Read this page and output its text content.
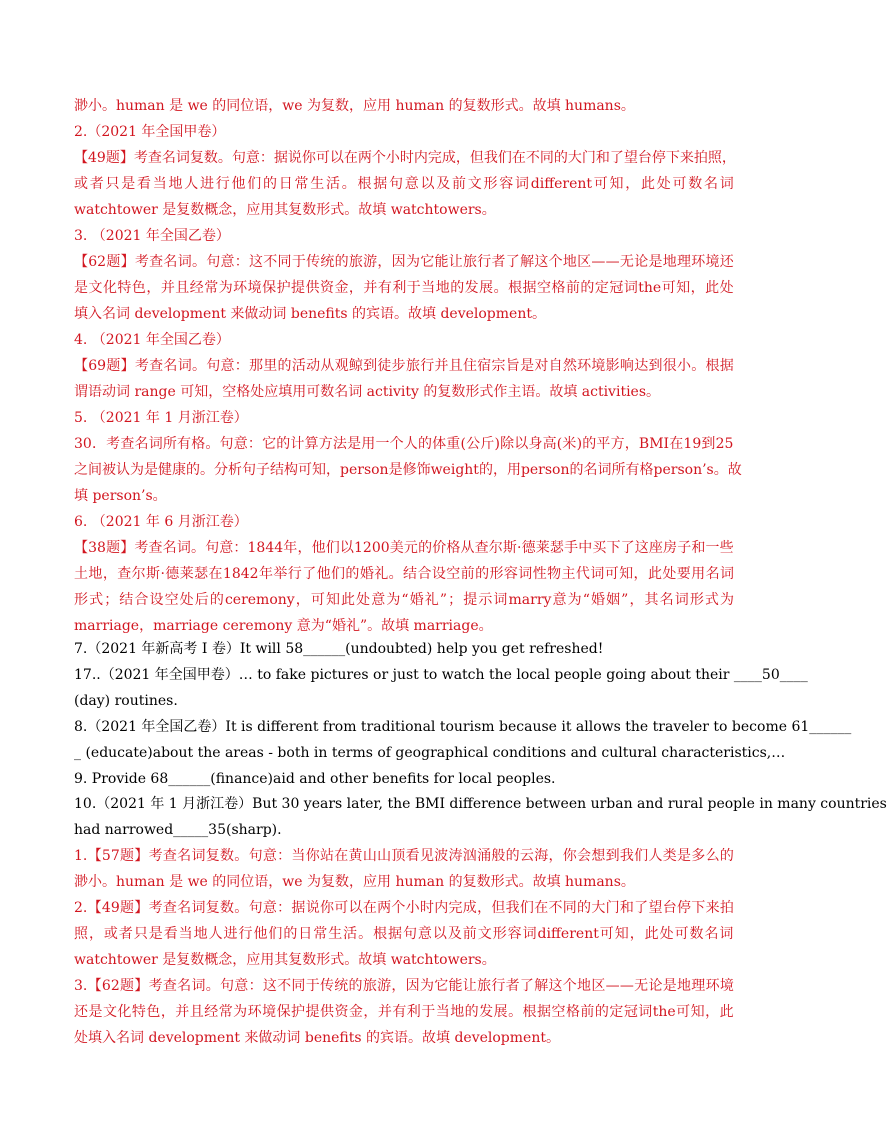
渺小。human 是 we 的同位语，we 为复数，应用 human 的复数形式。故填 humans。
2.（2021 年全国甲卷）
【 49 题 】 考 查 名 词 复 数 。 句 意 ： 据 说 你 可 以 在 两 个 小 时 内 完 成 ， 但 我 们 在 不 同 的 大 门 和 了 望 台 停 下 来 拍 照 ，
或 者 只 是 看 当 地 人 进 行 他 们 的 日 常 生 活 。 根 据 句 意 以 及 前 文 形 容 词 different 可 知 ， 此 处 可 数 名 词
watchtower 是复数概念，应用其复数形式。故填 watchtowers。
3. （2021 年全国乙卷）
【 62 题 】 考 查 名 词 。 句 意 ： 这 不 同 于 传 统 的 旅 游 ， 因 为 它 能 让 旅 行 者 了 解 这 个 地 区 — — 无 论 是 地 理 环 境 还
是 文 化 特 色 ， 并 且 经 常 为 环 境 保 护 提 供 资 金 ， 并 有 利 于 当 地 的 发 展 。 根 据 空 格 前 的 定 冠 词 the 可 知 ， 此 处
填入名词 development 来做动词 benefits 的宾语。故填 development。
4. （2021 年全国乙卷）
【 69 题 】 考 查 名 词 。 句 意 ： 那 里 的 活 动 从 观 鲸 到 徒 步 旅 行 并 且 住 宿 宗 旨 是 对 自 然 环 境 影 响 达 到 很 小 。 根 据
谓语动词 range 可知，空格处应填用可数名词 activity 的复数形式作主语。故填 activities。
5. （2021 年 1 月浙江卷）
30 ． 考 查 名 词 所 有 格 。 句 意 ： 它 的 计 算 方 法 是 用 一 个 人 的 体 重 ( 公 斤 ) 除 以 身 高 ( 米 ) 的 平 方 ， BMI 在 19 到 25
之 间 被 认 为 是 健 康 的 。 分 析 句 子 结 构 可 知 ， person 是 修 饰 weight 的 ， 用 person 的 名 词 所 有 格 person’s 。 故
填 person’s。
6. （2021 年 6 月浙江卷）
【 38 题 】 考 查 名 词 。 句 意 ： 1844 年 ， 他 们 以 1200 美 元 的 价 格 从 查 尔 斯 · 德 莱 瑟 手 中 买 下 了 这 座 房 子 和 一 些
土 地 ， 查 尔 斯 · 德 莱 瑟 在 1842 年 举 行 了 他 们 的 婚 礼 。 结 合 设 空 前 的 形 容 词 性 物 主 代 词 可 知 ， 此 处 要 用 名 词
形 式 ； 结 合 设 空 处 后 的 ceremony ， 可 知 此 处 意 为 “ 婚 礼 ” ； 提 示 词 marry 意 为 “ 婚 姻 ” ， 其 名 词 形 式 为
marriage，marriage ceremony 意为“婚礼”。故填 marriage。
7.（2021 年新高考 I 卷）It will 58______(undoubted) help you get refreshed!
17..（2021 年全国甲卷）… to fake pictures or just to watch the local people going about their ____50____
(day) routines.
8.（2021 年全国乙卷）It is different from traditional tourism because it allows the traveler to become 61______
_ (educate)about the areas - both in terms of geographical conditions and cultural characteristics,…
9. Provide 68______(finance)aid and other benefits for local peoples.
10.（2021 年 1 月浙江卷）But 30 years later, the BMI difference between urban and rural people in many countries
had narrowed_____35(sharp).
1. 【 57 题 】 考 查 名 词 复 数 。 句 意 ： 当 你 站 在 黄 山 山 顶 看 见 波 涛 汹 涌 般 的 云 海 ， 你 会 想 到 我 们 人 类 是 多 么 的
渺小。human 是 we 的同位语，we 为复数，应用 human 的复数形式。故填 humans。
2. 【 49 题 】 考 查 名 词 复 数 。 句 意 ： 据 说 你 可 以 在 两 个 小 时 内 完 成 ， 但 我 们 在 不 同 的 大 门 和 了 望 台 停 下 来 拍
照 ， 或 者 只 是 看 当 地 人 进 行 他 们 的 日 常 生 活 。 根 据 句 意 以 及 前 文 形 容 词 different 可 知 ， 此 处 可 数 名 词
watchtower 是复数概念，应用其复数形式。故填 watchtowers。
3. 【 62 题 】 考 查 名 词 。 句 意 ： 这 不 同 于 传 统 的 旅 游 ， 因 为 它 能 让 旅 行 者 了 解 这 个 地 区 — — 无 论 是 地 理 环 境
还 是 文 化 特 色 ， 并 且 经 常 为 环 境 保 护 提 供 资 金 ， 并 有 利 于 当 地 的 发 展 。 根 据 空 格 前 的 定 冠 词 the 可 知 ， 此
处填入名词 development 来做动词 benefits 的宾语。故填 development。
